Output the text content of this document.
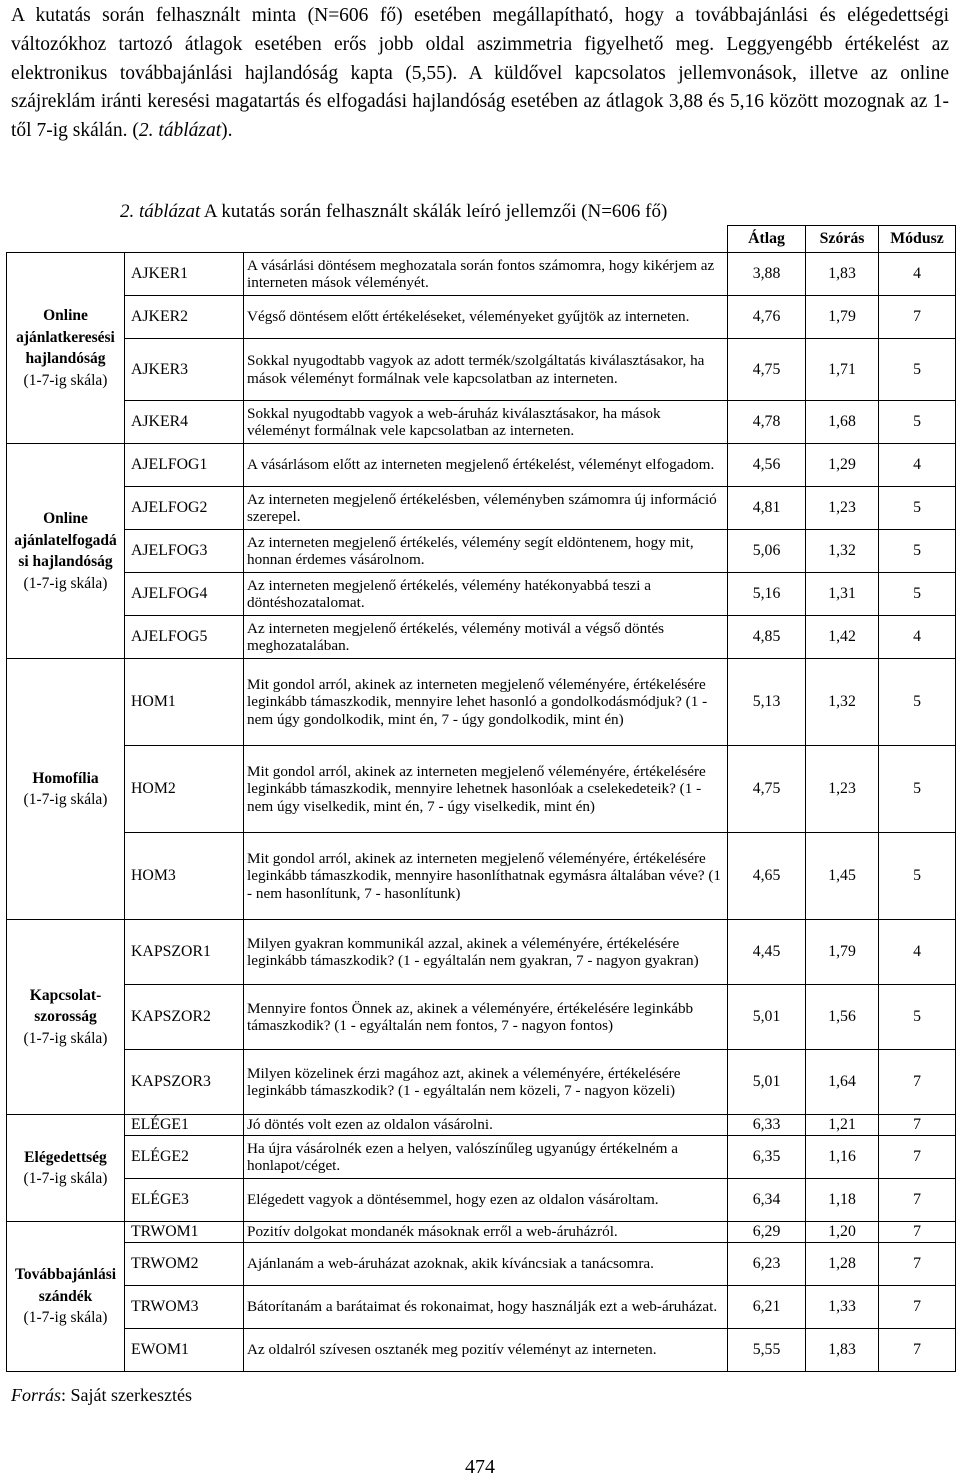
A kutatás során felhasznált minta (N=606 fő) esetében megállapítható, hogy a továbbajánlási és elégedettségi változókhoz tartozó átlagok esetében erős jobb oldal aszimmetria figyelhető meg. Leggyengébb értékelést az elektronikus továbbajánlási hajlandóság kapta (5,55). A küldővel kapcsolatos jellemvonások, illetve az online szájreklám iránti keresési magatartás és elfogadási hajlandóság esetében az átlagok 3,88 és 5,16 között mozognak az 1-től 7-ig skálán. (2. táblázat).

2. táblázat A kutatás során felhasznált skálák leíró jellemzői (N=606 fő)

			Átlag	Szórás	Módusz
Online ajánlatkeresési hajlandóság
(1-7-ig skála)	AJKER1	A vásárlási döntésem meghozatala során fontos számomra, hogy kikérjem az interneten mások véleményét.	3,88	1,83	4
	AJKER2	Végső döntésem előtt értékeléseket, véleményeket gyűjtök az interneten.	4,76	1,79	7
	AJKER3	Sokkal nyugodtabb vagyok az adott termék/szolgáltatás kiválasztásakor, ha mások véleményt formálnak vele kapcsolatban az interneten.	4,75	1,71	5
	AJKER4	Sokkal nyugodtabb vagyok a web-áruház kiválasztásakor, ha mások véleményt formálnak vele kapcsolatban az interneten.	4,78	1,68	5
Online ajánlatelfogadá si hajlandóság
(1-7-ig skála)	AJELFOG1	A vásárlásom előtt az interneten megjelenő értékelést, véleményt elfogadom.	4,56	1,29	4
	AJELFOG2	Az interneten megjelenő értékelésben, véleményben számomra új információ szerepel.	4,81	1,23	5
	AJELFOG3	Az interneten megjelenő értékelés, vélemény segít eldöntenem, hogy mit, honnan érdemes vásárolnom.	5,06	1,32	5
	AJELFOG4	Az interneten megjelenő értékelés, vélemény hatékonyabbá teszi a döntéshozatalomat.	5,16	1,31	5
	AJELFOG5	Az interneten megjelenő értékelés, vélemény motivál a végső döntés meghozatalában.	4,85	1,42	4
Homofília
(1-7-ig skála)	HOM1	Mit gondol arról, akinek az interneten megjelenő véleményére, értékelésére leginkább támaszkodik, mennyire lehet hasonló a gondolkodásmódjuk? (1 - nem úgy gondolkodik, mint én, 7 - úgy gondolkodik, mint én)	5,13	1,32	5
	HOM2	Mit gondol arról, akinek az interneten megjelenő véleményére, értékelésére leginkább támaszkodik, mennyire lehetnek hasonlóak a cselekedeteik? (1 - nem úgy viselkedik, mint én, 7 - úgy viselkedik, mint én)	4,75	1,23	5
	HOM3	Mit gondol arról, akinek az interneten megjelenő véleményére, értékelésére leginkább támaszkodik, mennyire hasonlíthatnak egymásra általában véve? (1 - nem hasonlítunk, 7 - hasonlítunk)	4,65	1,45	5
Kapcsolat-szorosság
(1-7-ig skála)	KAPSZOR1	Milyen gyakran kommunikál azzal, akinek a véleményére, értékelésére leginkább támaszkodik? (1 - egyáltalán nem gyakran, 7 - nagyon gyakran)	4,45	1,79	4
	KAPSZOR2	Mennyire fontos Önnek az, akinek a véleményére, értékelésére leginkább támaszkodik? (1 - egyáltalán nem fontos, 7 - nagyon fontos)	5,01	1,56	5
	KAPSZOR3	Milyen közelinek érzi magához azt, akinek a véleményére, értékelésére leginkább támaszkodik? (1 - egyáltalán nem közeli, 7 - nagyon közeli)	5,01	1,64	7
Elégedettség
(1-7-ig skála)	ELÉGE1	Jó döntés volt ezen az oldalon vásárolni.	6,33	1,21	7
	ELÉGE2	Ha újra vásárolnék ezen a helyen, valószínűleg ugyanúgy értékelném a honlapot/céget.	6,35	1,16	7
	ELÉGE3	Elégedett vagyok a döntésemmel, hogy ezen az oldalon vásároltam.	6,34	1,18	7
Továbbajánlási szándék
(1-7-ig skála)	TRWOM1	Pozitív dolgokat mondanék másoknak erről a web-áruházról.	6,29	1,20	7
	TRWOM2	Ajánlanám a web-áruházat azoknak, akik kíváncsiak a tanácsomra.	6,23	1,28	7
	TRWOM3	Bátorítanám a barátaimat és rokonaimat, hogy használják ezt a web-áruházat.	6,21	1,33	7
	EWOM1	Az oldalról szívesen osztanék meg pozitív véleményt az interneten.	5,55	1,83	7

Forrás: Saját szerkesztés

474
